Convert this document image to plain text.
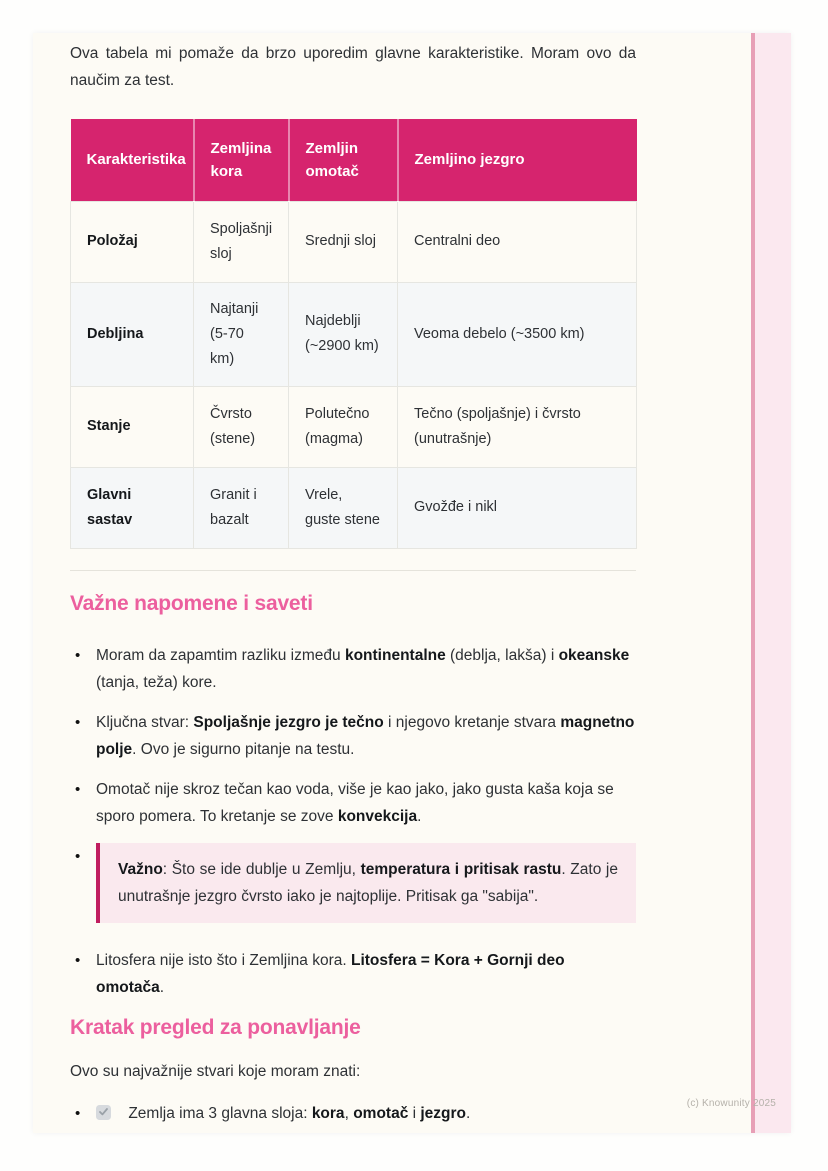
Ova tabela mi pomaže da brzo uporedim glavne karakteristike. Moram ovo da naučim za test.

Karakteristika	Zemljina kora	Zemljin omotač	Zemljino jezgro
Položaj	Spoljašnji sloj	Srednji sloj	Centralni deo
Debljina	Najtanji (5-70 km)	Najdeblji (~2900 km)	Veoma debelo (~3500 km)
Stanje	Čvrsto (stene)	Polutečno (magma)	Tečno (spoljašnje) i čvrsto (unutrašnje)
Glavni sastav	Granit i bazalt	Vrele, guste stene	Gvožđe i nikl
Važne napomene i saveti
• Moram da zapamtim razliku između kontinentalne (deblja, lakša) i okeanske (tanja, teža) kore.
• Ključna stvar: Spoljašnje jezgro je tečno i njegovo kretanje stvara magnetno polje. Ovo je sigurno pitanje na testu.
• Omotač nije skroz tečan kao voda, više je kao jako, jako gusta kaša koja se sporo pomera. To kretanje se zove konvekcija.
•
Važno: Što se ide dublje u Zemlju, temperatura i pritisak rastu. Zato je unutrašnje jezgro čvrsto iako je najtoplije. Pritisak ga "sabija".
• Litosfera nije isto što i Zemljina kora. Litosfera = Kora + Gornji deo omotača.
Kratak pregled za ponavljanje

Ovo su najvažnije stvari koje moram znati:

•	Zemlja ima 3 glavna sloja: kora, omotač i jezgro.
(c) Knowunity 2025
